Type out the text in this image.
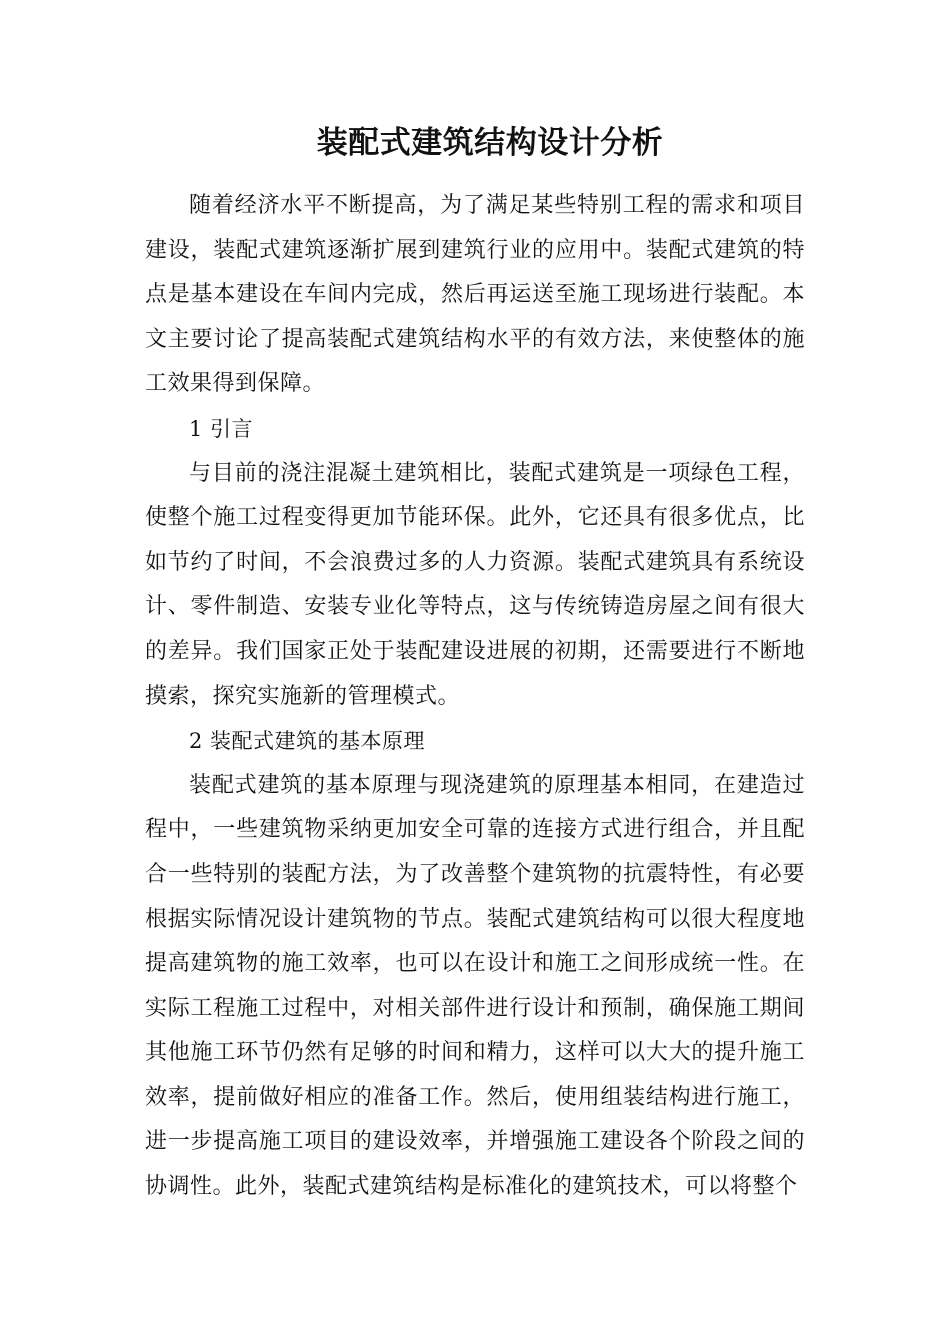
装配式建筑结构设计分析

随着经济水平不断提高，为了满足某些特别工程的需求和项目建设，装配式建筑逐渐扩展到建筑行业的应用中。装配式建筑的特点是基本建设在车间内完成，然后再运送至施工现场进行装配。本文主要讨论了提高装配式建筑结构水平的有效方法，来使整体的施工效果得到保障。

1 引言

与目前的浇注混凝土建筑相比，装配式建筑是一项绿色工程，使整个施工过程变得更加节能环保。此外，它还具有很多优点，比如节约了时间，不会浪费过多的人力资源。装配式建筑具有系统设计、零件制造、安装专业化等特点，这与传统铸造房屋之间有很大的差异。我们国家正处于装配建设进展的初期，还需要进行不断地摸索，探究实施新的管理模式。

2 装配式建筑的基本原理

装配式建筑的基本原理与现浇建筑的原理基本相同，在建造过程中，一些建筑物采纳更加安全可靠的连接方式进行组合，并且配合一些特别的装配方法，为了改善整个建筑物的抗震特性，有必要根据实际情况设计建筑物的节点。装配式建筑结构可以很大程度地提高建筑物的施工效率，也可以在设计和施工之间形成统一性。在实际工程施工过程中，对相关部件进行设计和预制，确保施工期间其他施工环节仍然有足够的时间和精力，这样可以大大的提升施工效率，提前做好相应的准备工作。然后，使用组装结构进行施工，进一步提高施工项目的建设效率，并增强施工建设各个阶段之间的协调性。此外，装配式建筑结构是标准化的建筑技术，可以将整个
